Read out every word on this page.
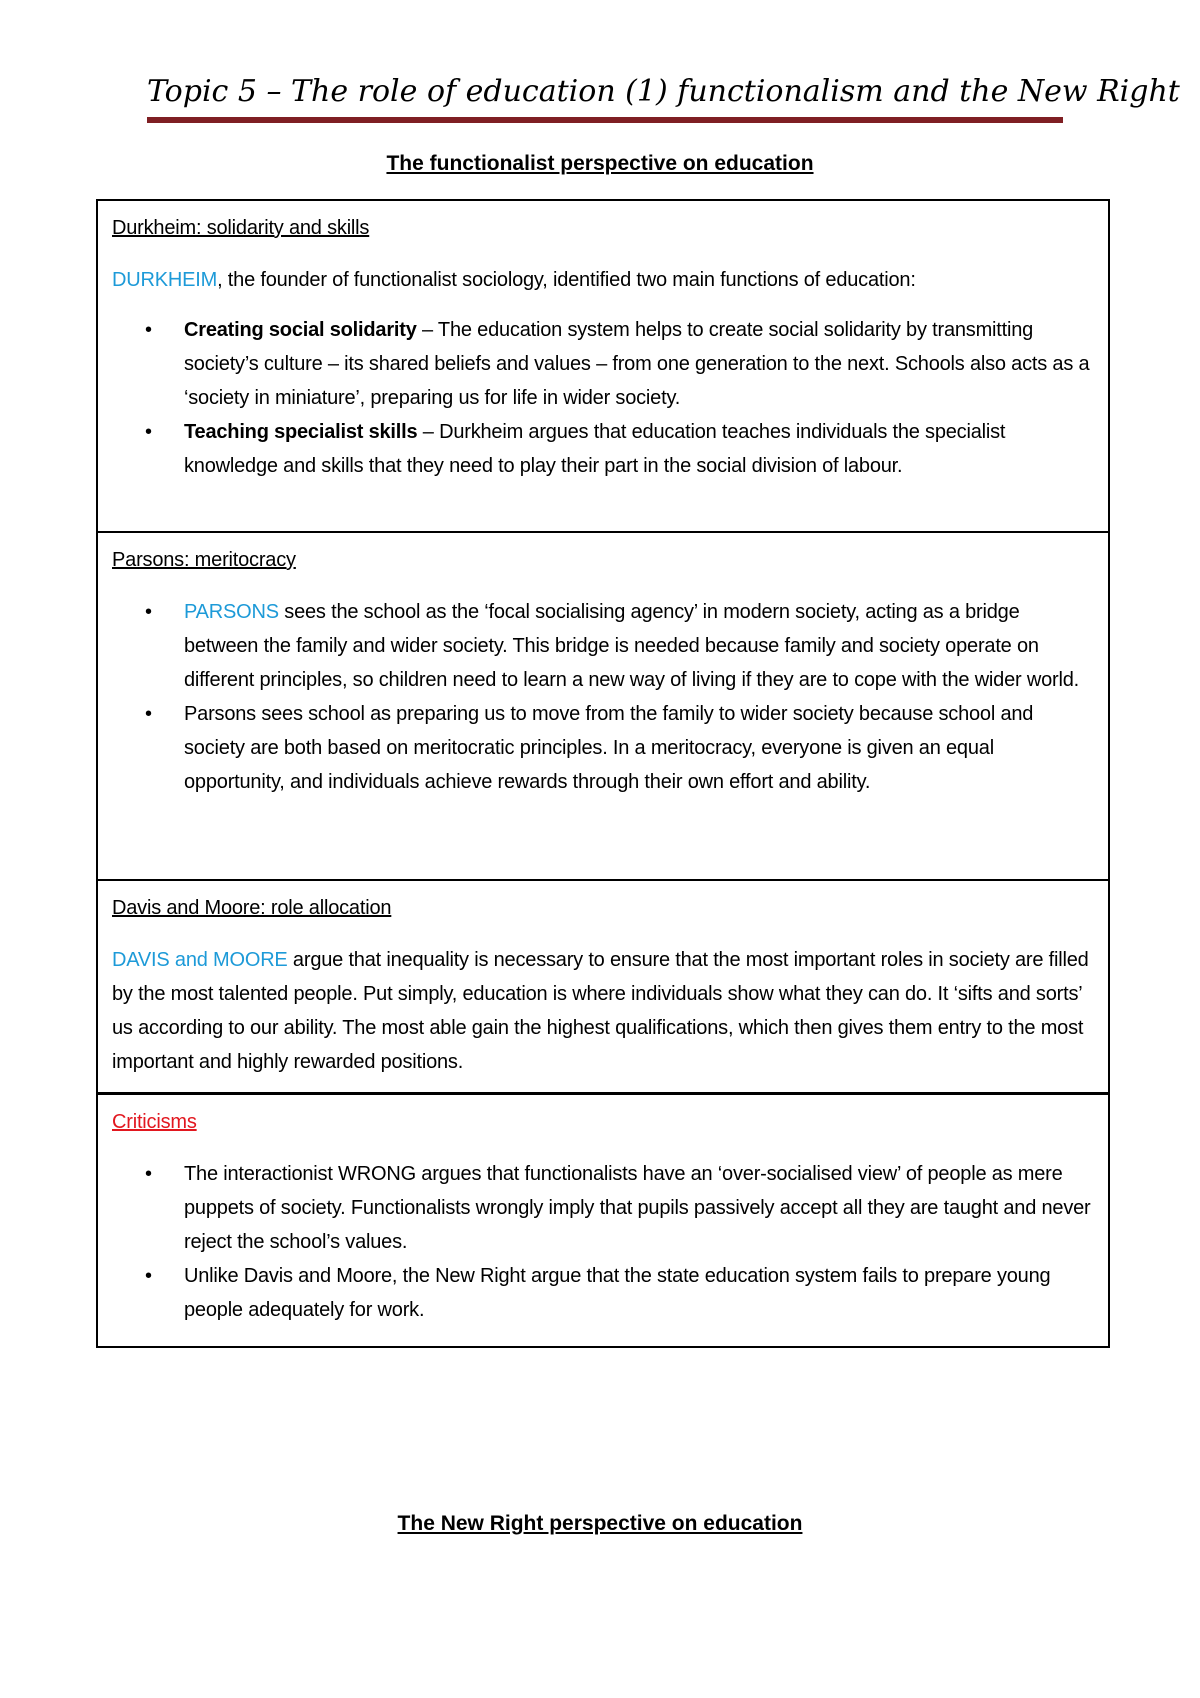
Topic 5 – The role of education (1) functionalism and the New Right
The functionalist perspective on education
Durkheim: solidarity and skills

DURKHEIM, the founder of functionalist sociology, identified two main functions of education:

• Creating social solidarity – The education system helps to create social solidarity by transmitting society’s culture – its shared beliefs and values – from one generation to the next. Schools also acts as a ‘society in miniature’, preparing us for life in wider society.
• Teaching specialist skills – Durkheim argues that education teaches individuals the specialist knowledge and skills that they need to play their part in the social division of labour.
Parsons: meritocracy
• PARSONS sees the school as the ‘focal socialising agency’ in modern society, acting as a bridge between the family and wider society. This bridge is needed because family and society operate on different principles, so children need to learn a new way of living if they are to cope with the wider world.
• Parsons sees school as preparing us to move from the family to wider society because school and society are both based on meritocratic principles. In a meritocracy, everyone is given an equal opportunity, and individuals achieve rewards through their own effort and ability.
Davis and Moore: role allocation

DAVIS and MOORE argue that inequality is necessary to ensure that the most important roles in society are filled by the most talented people. Put simply, education is where individuals show what they can do. It ‘sifts and sorts’ us according to our ability. The most able gain the highest qualifications, which then gives them entry to the most important and highly rewarded positions.

Criticisms
• The interactionist WRONG argues that functionalists have an ‘over-socialised view’ of people as mere puppets of society. Functionalists wrongly imply that pupils passively accept all they are taught and never reject the school’s values.
• Unlike Davis and Moore, the New Right argue that the state education system fails to prepare young people adequately for work.
The New Right perspective on education
